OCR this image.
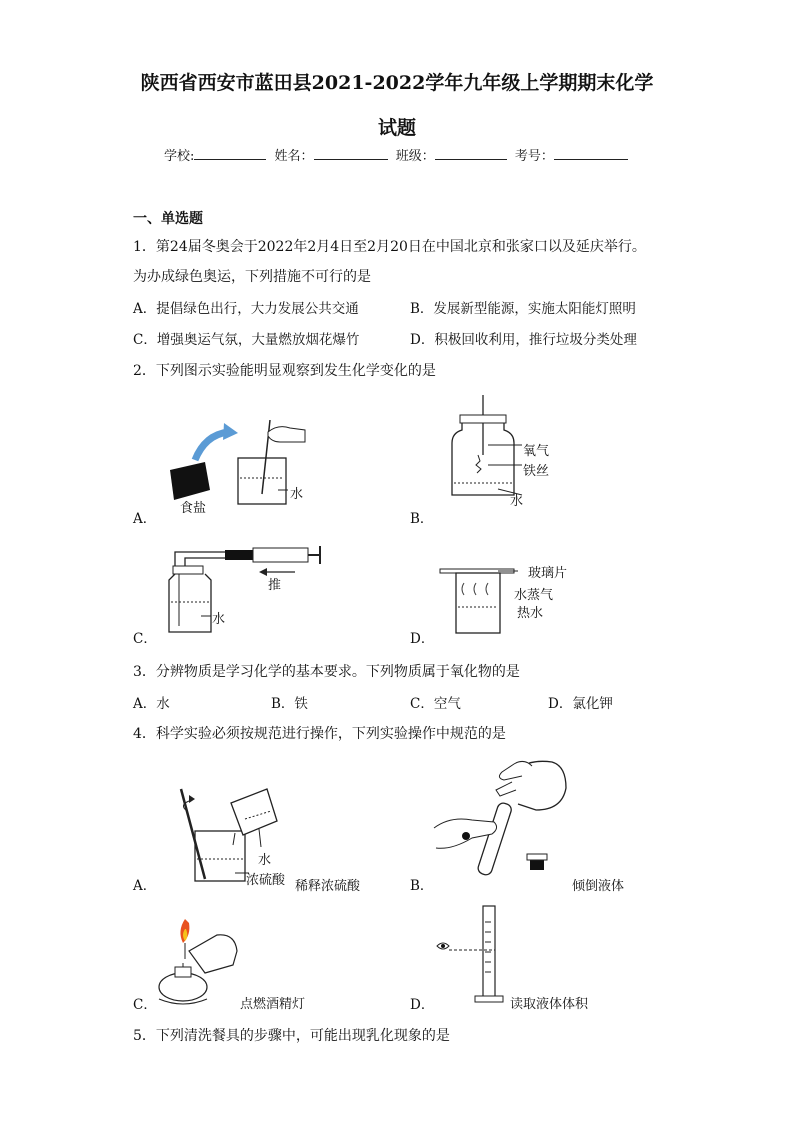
陕西省西安市蓝田县2021-2022学年九年级上学期期末化学
试题
学校:	姓名：	班级：	考号：
一、单选题
1．第24届冬奥会于2022年2月4日至2月20日在中国北京和张家口以及延庆举行。
为办成绿色奥运，下列措施不可行的是
A．提倡绿色出行，大力发展公共交通	B．发展新型能源，实施太阳能灯照明
C．增强奥运气氛，大量燃放烟花爆竹	D．积极回收利用，推行垃圾分类处理
2．下列图示实验能明显观察到发生化学变化的是
A．
食盐
水
B．
氧气
铁丝
水
C．
推
水
D．
玻璃片
水蒸气
热水
3．分辨物质是学习化学的基本要求。下列物质属于氧化物的是
A．水	B．铁	C．空气	D．氯化钾
4．科学实验必须按规范进行操作，下列实验操作中规范的是
A．
水
浓硫酸 稀释浓硫酸	B．	倾倒液体
C．	点燃酒精灯	D．	读取液体体积
5．下列清洗餐具的步骤中，可能出现乳化现象的是
